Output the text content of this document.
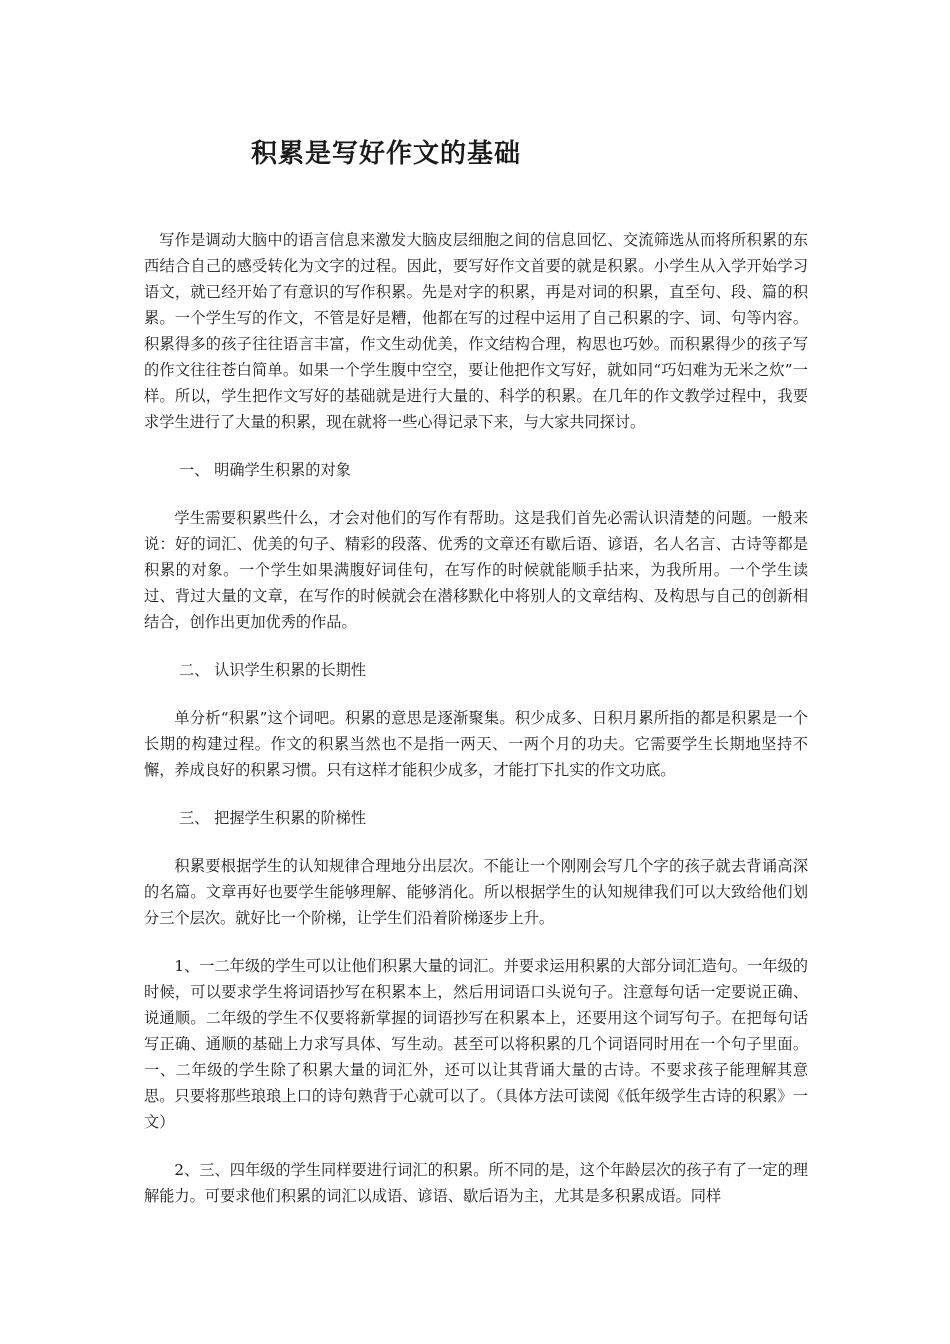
积累是写好作文的基础

写作是调动大脑中的语言信息来激发大脑皮层细胞之间的信息回忆、交流筛选从而将所积累的东西结合自己的感受转化为文字的过程。因此，要写好作文首要的就是积累。小学生从入学开始学习语文，就已经开始了有意识的写作积累。先是对字的积累，再是对词的积累，直至句、段、篇的积累。一个学生写的作文，不管是好是糟，他都在写的过程中运用了自己积累的字、词、句等内容。积累得多的孩子往往语言丰富，作文生动优美，作文结构合理，构思也巧妙。而积累得少的孩子写的作文往往苍白简单。如果一个学生腹中空空，要让他把作文写好，就如同“巧妇难为无米之炊”一样。所以，学生把作文写好的基础就是进行大量的、科学的积累。在几年的作文教学过程中，我要求学生进行了大量的积累，现在就将一些心得记录下来，与大家共同探讨。

一、 明确学生积累的对象

学生需要积累些什么，才会对他们的写作有帮助。这是我们首先必需认识清楚的问题。一般来说：好的词汇、优美的句子、精彩的段落、优秀的文章还有歇后语、谚语，名人名言、古诗等都是积累的对象。一个学生如果满腹好词佳句，在写作的时候就能顺手拈来，为我所用。一个学生读过、背过大量的文章，在写作的时候就会在潜移默化中将别人的文章结构、及构思与自己的创新相结合，创作出更加优秀的作品。

二、 认识学生积累的长期性

单分析“积累”这个词吧。积累的意思是逐渐聚集。积少成多、日积月累所指的都是积累是一个长期的构建过程。作文的积累当然也不是指一两天、一两个月的功夫。它需要学生长期地坚持不懈，养成良好的积累习惯。只有这样才能积少成多，才能打下扎实的作文功底。

三、 把握学生积累的阶梯性

积累要根据学生的认知规律合理地分出层次。不能让一个刚刚会写几个字的孩子就去背诵高深的名篇。文章再好也要学生能够理解、能够消化。所以根据学生的认知规律我们可以大致给他们划分三个层次。就好比一个阶梯，让学生们沿着阶梯逐步上升。

1、一二年级的学生可以让他们积累大量的词汇。并要求运用积累的大部分词汇造句。一年级的时候，可以要求学生将词语抄写在积累本上，然后用词语口头说句子。注意每句话一定要说正确、说通顺。二年级的学生不仅要将新掌握的词语抄写在积累本上，还要用这个词写句子。在把每句话写正确、通顺的基础上力求写具体、写生动。甚至可以将积累的几个词语同时用在一个句子里面。一、二年级的学生除了积累大量的词汇外，还可以让其背诵大量的古诗。不要求孩子能理解其意思。只要将那些琅琅上口的诗句熟背于心就可以了。（具体方法可读阅《低年级学生古诗的积累》一文）

2、三、四年级的学生同样要进行词汇的积累。所不同的是，这个年龄层次的孩子有了一定的理解能力。可要求他们积累的词汇以成语、谚语、歇后语为主，尤其是多积累成语。同样
